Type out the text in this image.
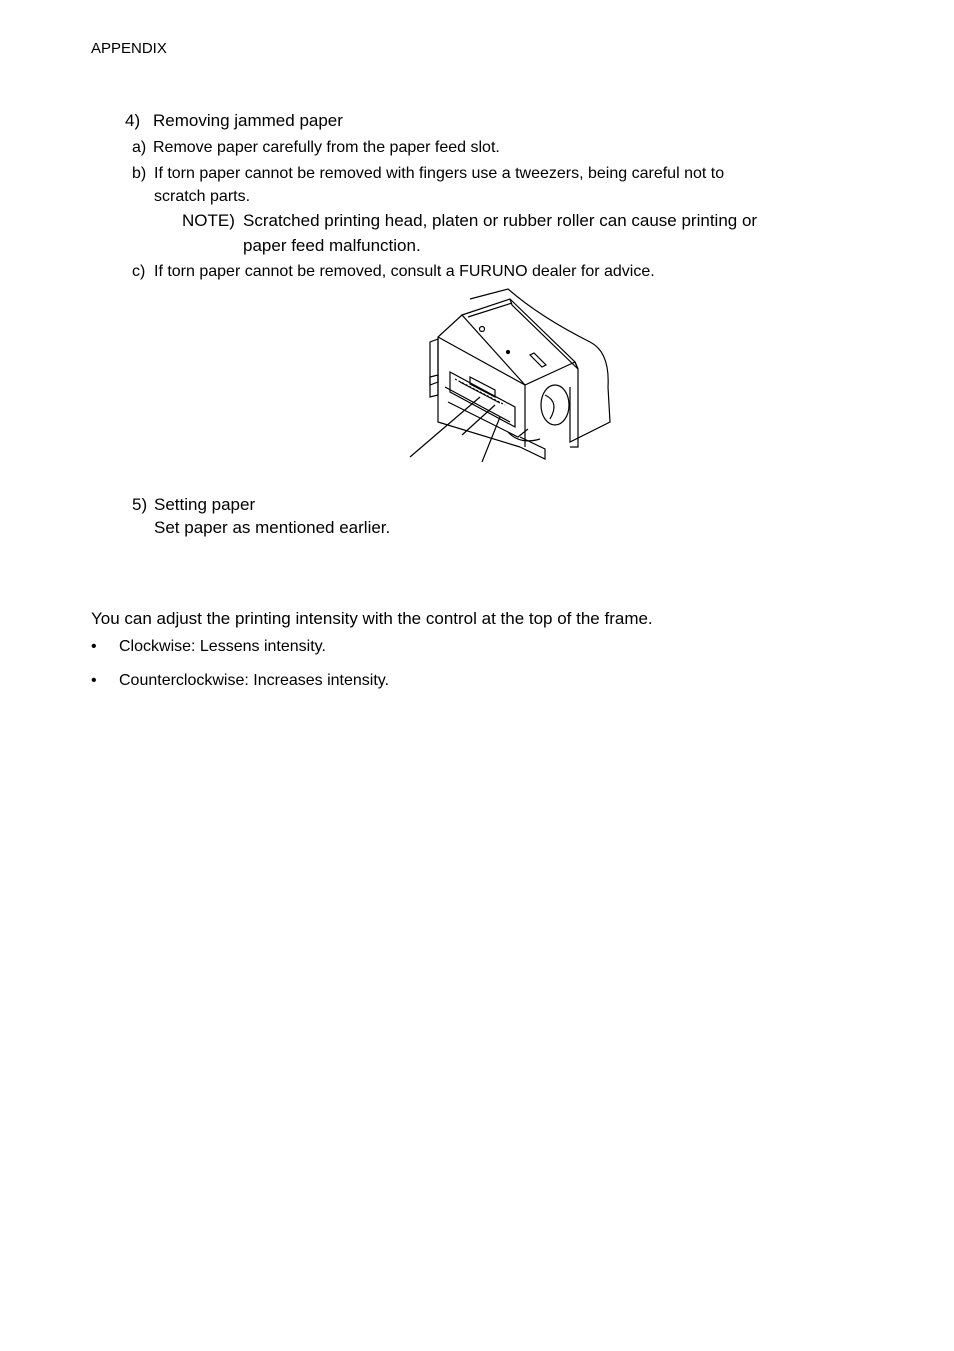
APPENDIX
4) Removing jammed paper
a) Remove paper carefully from the paper feed slot.
b) If torn paper cannot be removed with fingers use a tweezers, being careful not to
scratch parts.
NOTE) Scratched printing head, platen or rubber roller can cause printing or
paper feed malfunction.
c) If torn paper cannot be removed, consult a FURUNO dealer for advice.
5) Setting paper
Set paper as mentioned earlier.
You can adjust the printing intensity with the control at the top of the frame.
• Clockwise: Lessens intensity.
• Counterclockwise: Increases intensity.
